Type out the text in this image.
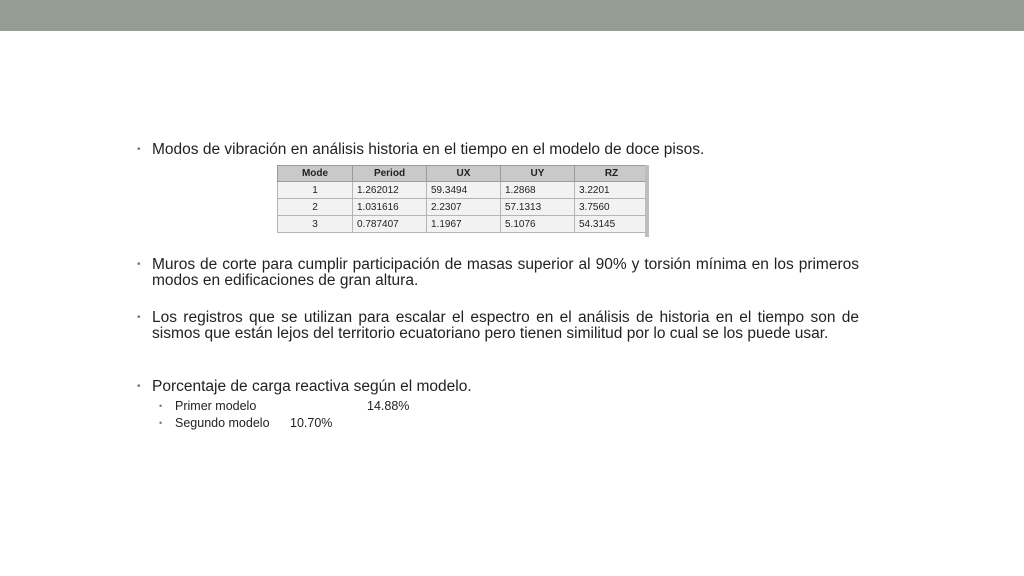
• Modos de vibración en análisis historia en el tiempo en el modelo de doce pisos.
Mode	Period	UX	UY	RZ
1	1.262012	59.3494	1.2868	3.2201
2	1.031616	2.2307	57.1313	3.7560
3	0.787407	1.1967	5.1076	54.3145
• Muros de corte para cumplir participación de masas superior al 90% y torsión mínima en los primeros modos en edificaciones de gran altura.
• Los registros que se utilizan para escalar el espectro en el análisis de historia en el tiempo son de sismos que están lejos del territorio ecuatoriano pero tienen similitud por lo cual se los puede usar.
• Porcentaje de carga reactiva según el modelo.
• Primer modelo	14.88%
• Segundo modelo 10.70%
